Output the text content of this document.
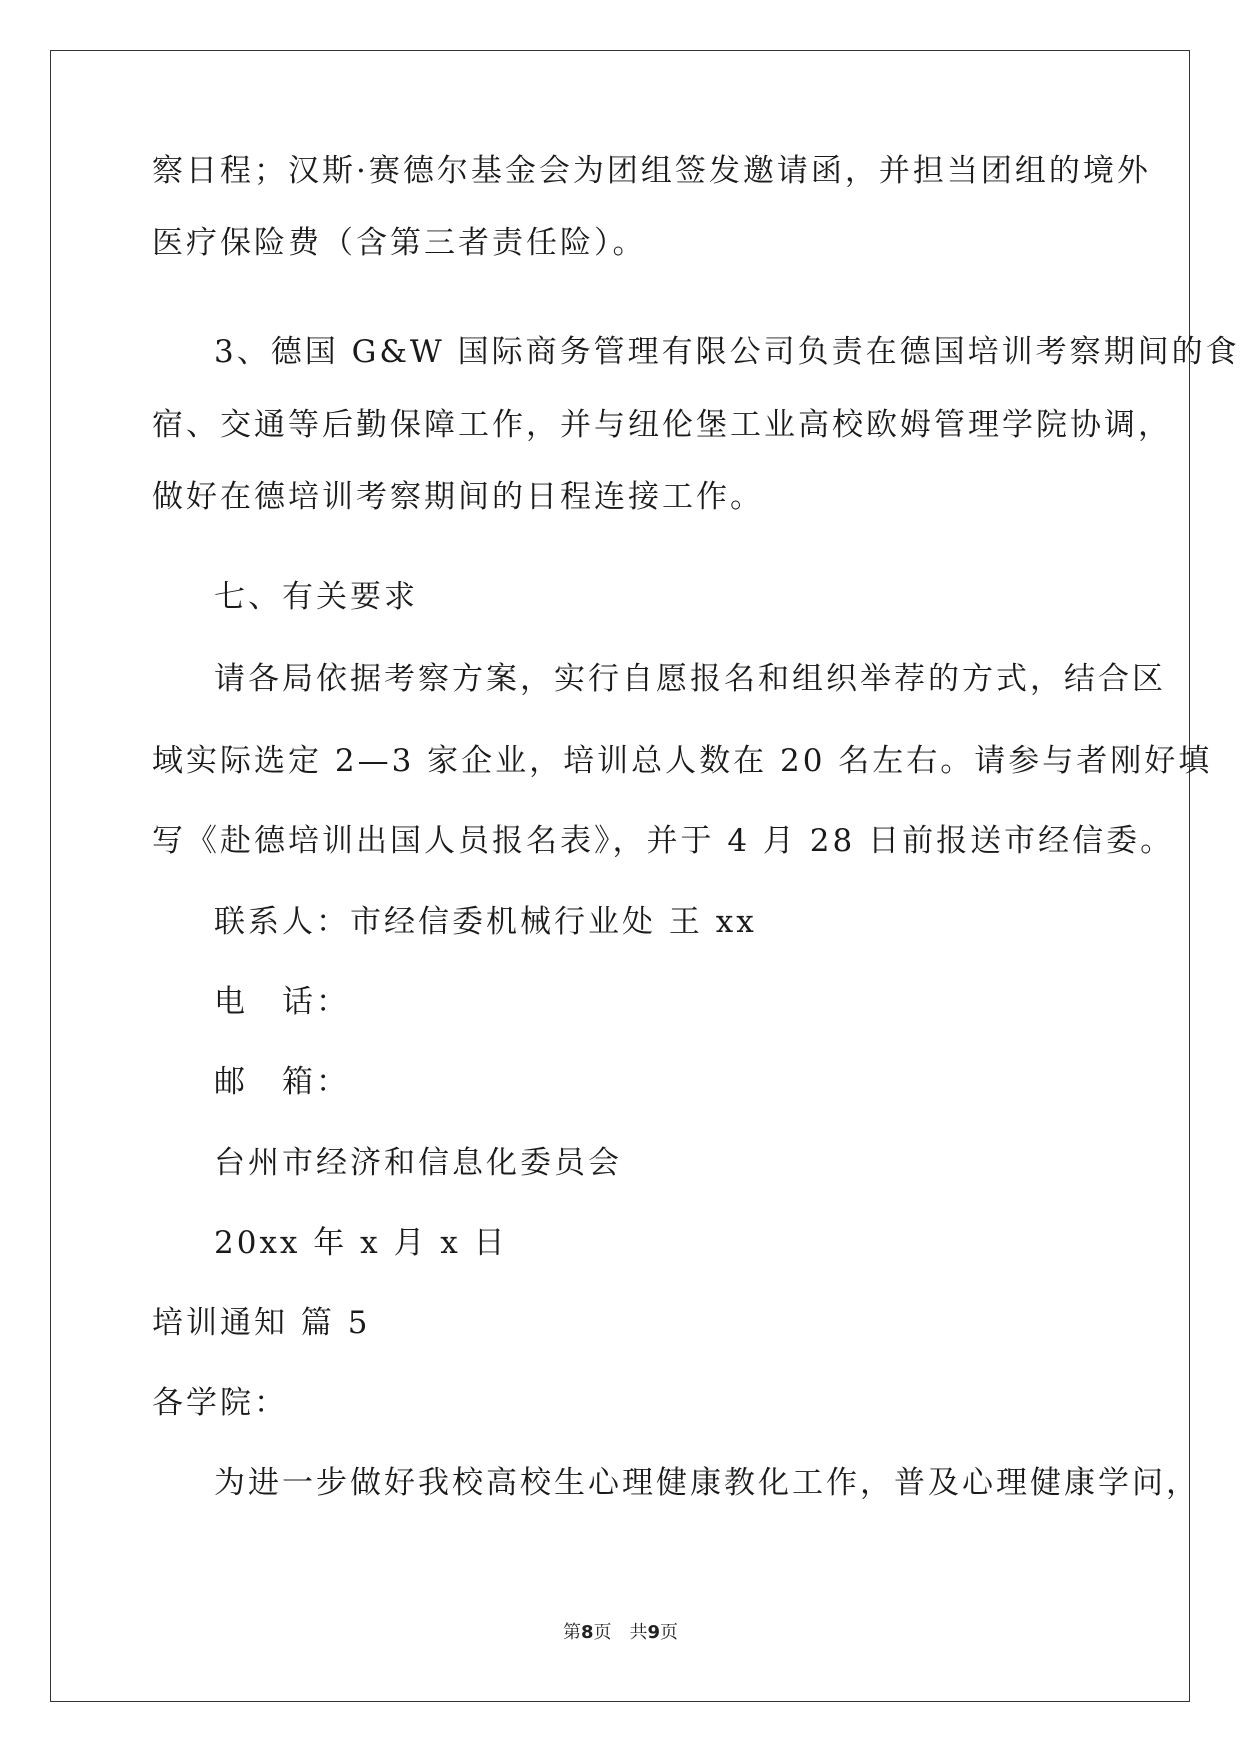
察日程；汉斯·赛德尔基金会为团组签发邀请函，并担当团组的境外
医疗保险费（含第三者责任险）。
3、德国 G&W 国际商务管理有限公司负责在德国培训考察期间的食
宿、交通等后勤保障工作，并与纽伦堡工业高校欧姆管理学院协调，
做好在德培训考察期间的日程连接工作。
七、有关要求
请各局依据考察方案，实行自愿报名和组织举荐的方式，结合区
域实际选定 2—3 家企业，培训总人数在 20 名左右。请参与者刚好填
写《赴德培训出国人员报名表》，并于 4 月 28 日前报送市经信委。
联系人：市经信委机械行业处 王 xx
电　话：
邮　箱：
台州市经济和信息化委员会
20xx 年 x 月 x 日
培训通知 篇 5
各学院：
为进一步做好我校高校生心理健康教化工作，普及心理健康学问，
第8页 共9页
